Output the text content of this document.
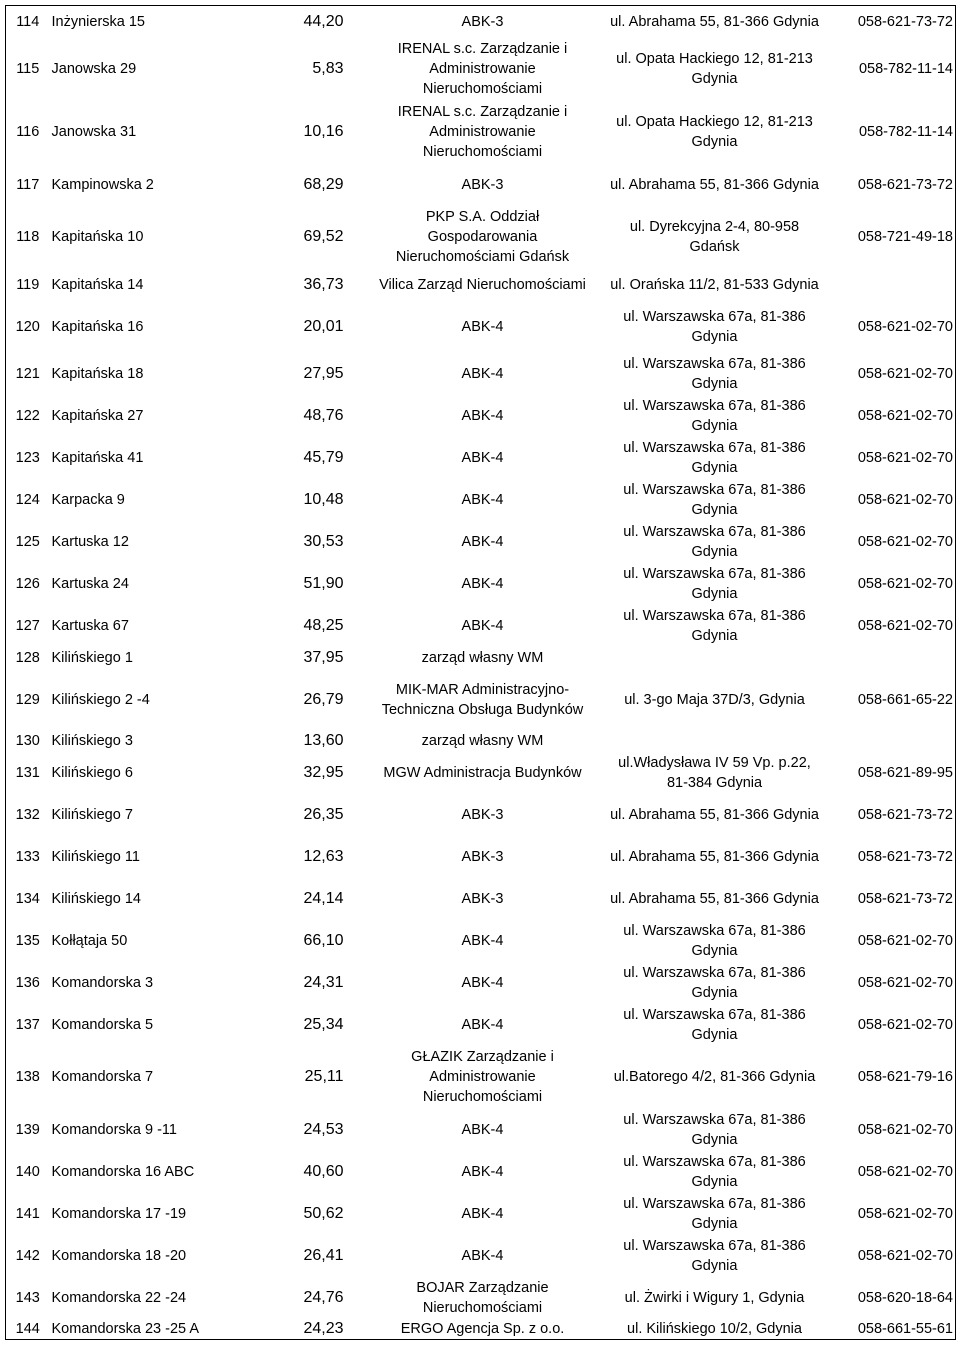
114	Inżynierska 15	44,20	ABK-3	ul. Abrahama 55, 81-366 Gdynia	058-621-73-72
115	Janowska 29	5,83	IRENAL s.c. Zarządzanie i
Administrowanie
Nieruchomościami	ul. Opata Hackiego 12, 81-213
Gdynia	058-782-11-14
116	Janowska 31	10,16	IRENAL s.c. Zarządzanie i
Administrowanie
Nieruchomościami	ul. Opata Hackiego 12, 81-213
Gdynia	058-782-11-14
117	Kampinowska 2	68,29	ABK-3	ul. Abrahama 55, 81-366 Gdynia	058-621-73-72
118	Kapitańska 10	69,52	PKP S.A. Oddział
Gospodarowania
Nieruchomościami Gdańsk	ul. Dyrekcyjna 2-4, 80-958
Gdańsk	058-721-49-18
119	Kapitańska 14	36,73	Vilica Zarząd Nieruchomościami	ul. Orańska 11/2, 81-533 Gdynia	

120	Kapitańska 16	20,01	ABK-4	ul. Warszawska 67a, 81-386
Gdynia	058-621-02-70
121	Kapitańska 18	27,95	ABK-4	ul. Warszawska 67a, 81-386
Gdynia	058-621-02-70
122	Kapitańska 27	48,76	ABK-4	ul. Warszawska 67a, 81-386
Gdynia	058-621-02-70
123	Kapitańska 41	45,79	ABK-4	ul. Warszawska 67a, 81-386
Gdynia	058-621-02-70
124	Karpacka 9	10,48	ABK-4	ul. Warszawska 67a, 81-386
Gdynia	058-621-02-70
125	Kartuska 12	30,53	ABK-4	ul. Warszawska 67a, 81-386
Gdynia	058-621-02-70
126	Kartuska 24	51,90	ABK-4	ul. Warszawska 67a, 81-386
Gdynia	058-621-02-70
127	Kartuska 67	48,25	ABK-4	ul. Warszawska 67a, 81-386
Gdynia	058-621-02-70
128	Kilińskiego 1	37,95	zarząd własny WM		

129	Kilińskiego 2 -4	26,79	MIK-MAR Administracyjno-
Techniczna Obsługa Budynków	ul. 3-go Maja 37D/3, Gdynia	058-661-65-22
130	Kilińskiego 3	13,60	zarząd własny WM		

131	Kilińskiego 6	32,95	MGW Administracja Budynków	ul.Władysława IV 59 Vp. p.22,
81-384 Gdynia	058-621-89-95
132	Kilińskiego 7	26,35	ABK-3	ul. Abrahama 55, 81-366 Gdynia	058-621-73-72
133	Kilińskiego 11	12,63	ABK-3	ul. Abrahama 55, 81-366 Gdynia	058-621-73-72
134	Kilińskiego 14	24,14	ABK-3	ul. Abrahama 55, 81-366 Gdynia	058-621-73-72
135	Kołłątaja 50	66,10	ABK-4	ul. Warszawska 67a, 81-386
Gdynia	058-621-02-70
136	Komandorska 3	24,31	ABK-4	ul. Warszawska 67a, 81-386
Gdynia	058-621-02-70
137	Komandorska 5	25,34	ABK-4	ul. Warszawska 67a, 81-386
Gdynia	058-621-02-70
138	Komandorska 7	25,11	GŁAZIK Zarządzanie i
Administrowanie
Nieruchomościami	ul.Batorego 4/2, 81-366 Gdynia	058-621-79-16
139	Komandorska 9 -11	24,53	ABK-4	ul. Warszawska 67a, 81-386
Gdynia	058-621-02-70
140	Komandorska 16 ABC	40,60	ABK-4	ul. Warszawska 67a, 81-386
Gdynia	058-621-02-70
141	Komandorska 17 -19	50,62	ABK-4	ul. Warszawska 67a, 81-386
Gdynia	058-621-02-70
142	Komandorska 18 -20	26,41	ABK-4	ul. Warszawska 67a, 81-386
Gdynia	058-621-02-70
143	Komandorska 22 -24	24,76	BOJAR Zarządzanie
Nieruchomościami	ul. Żwirki i Wigury 1, Gdynia	058-620-18-64
144	Komandorska 23 -25 A	24,23	ERGO Agencja Sp. z o.o.	ul. Kilińskiego 10/2, Gdynia	058-661-55-61
